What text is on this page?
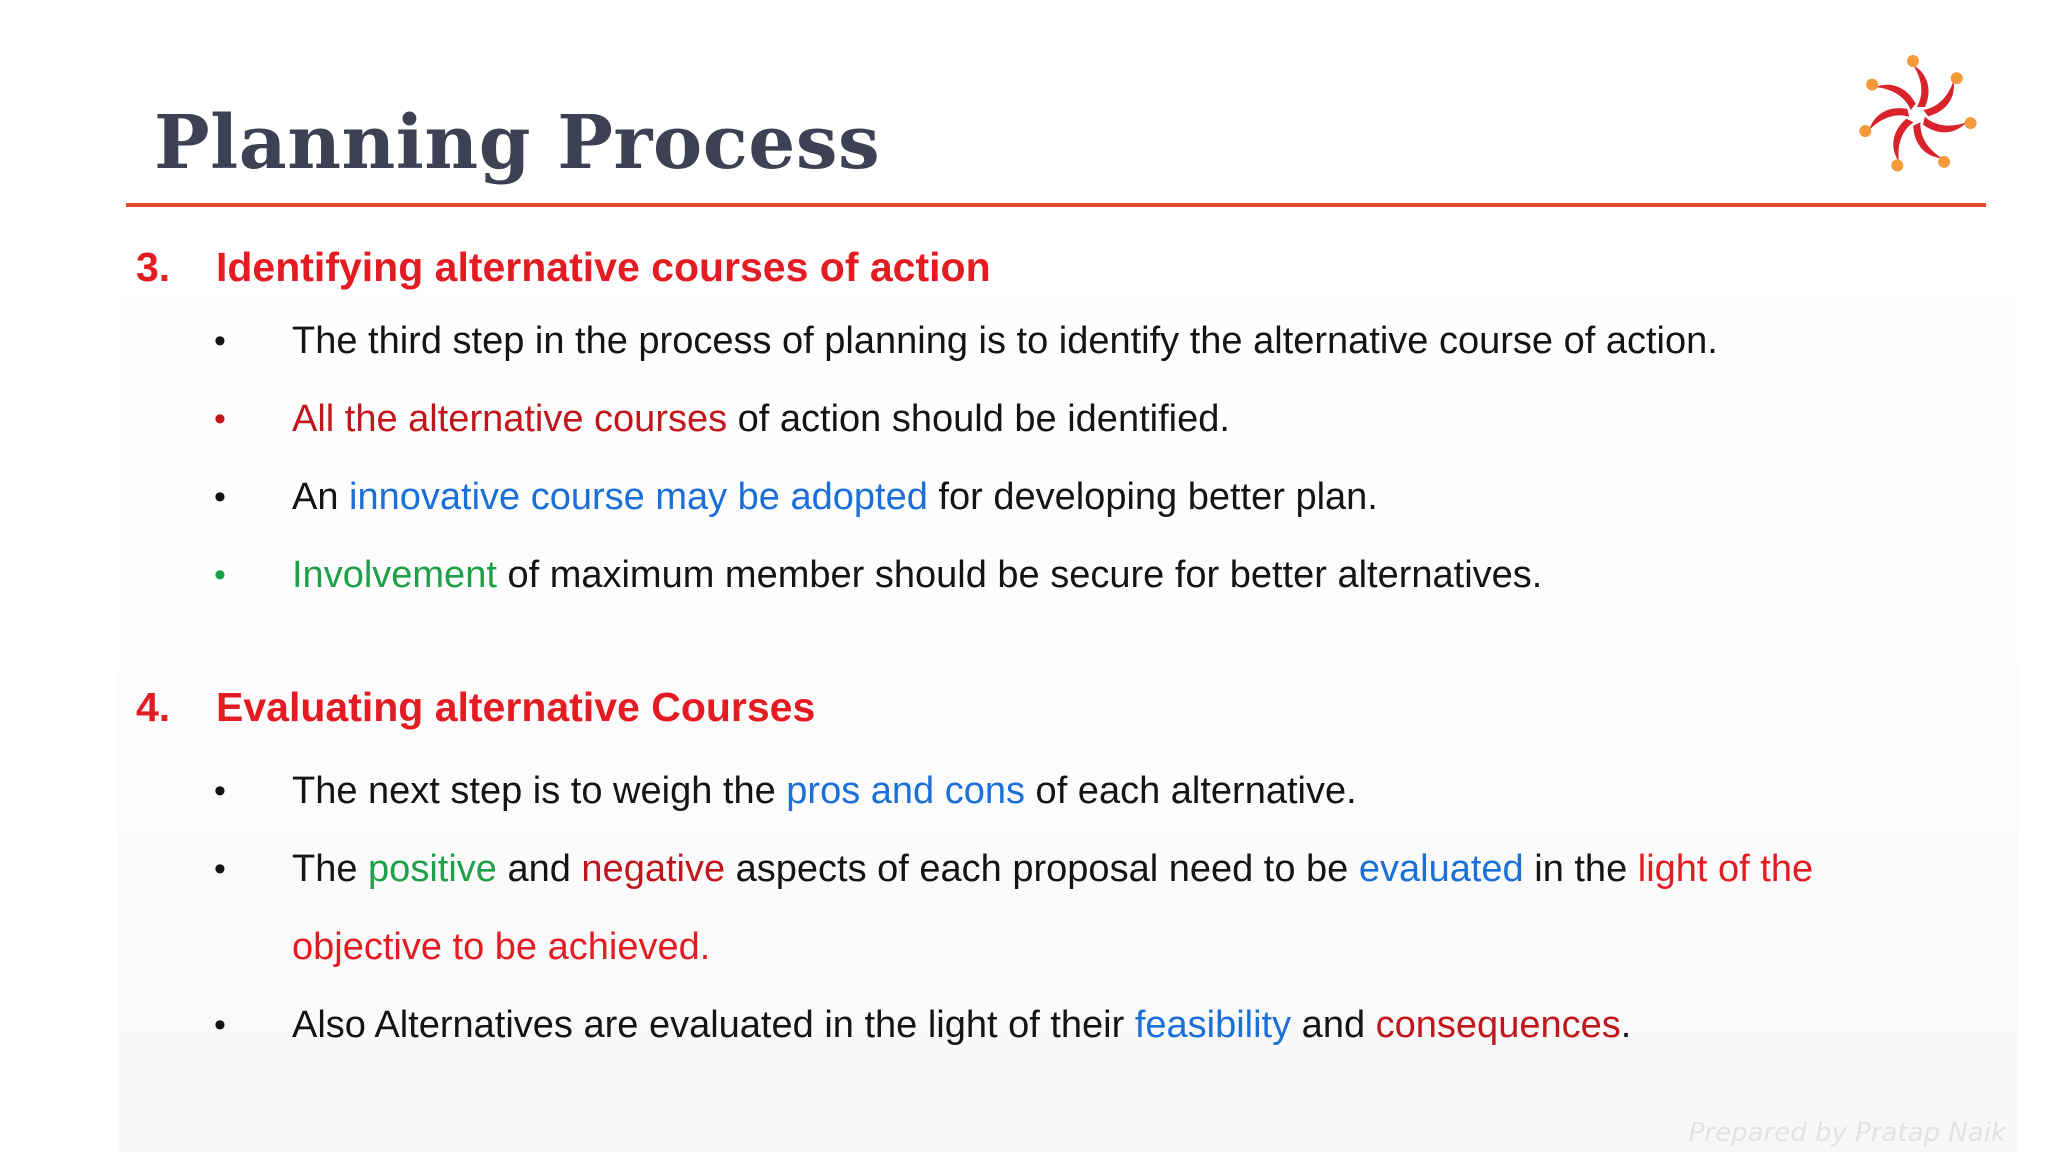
Planning Process
3. Identifying alternative courses of action
•	The third step in the process of planning is to identify the alternative course of action.
•	All the alternative courses of action should be identified.
•	An innovative course may be adopted for developing better plan.
•	Involvement of maximum member should be secure for better alternatives.
4. Evaluating alternative Courses
•	The next step is to weigh the pros and cons of each alternative.
•	The positive and negative aspects of each proposal need to be evaluated in the light of the objective to be achieved.
•	Also Alternatives are evaluated in the light of their feasibility and consequences.
Prepared by Pratap Naik
